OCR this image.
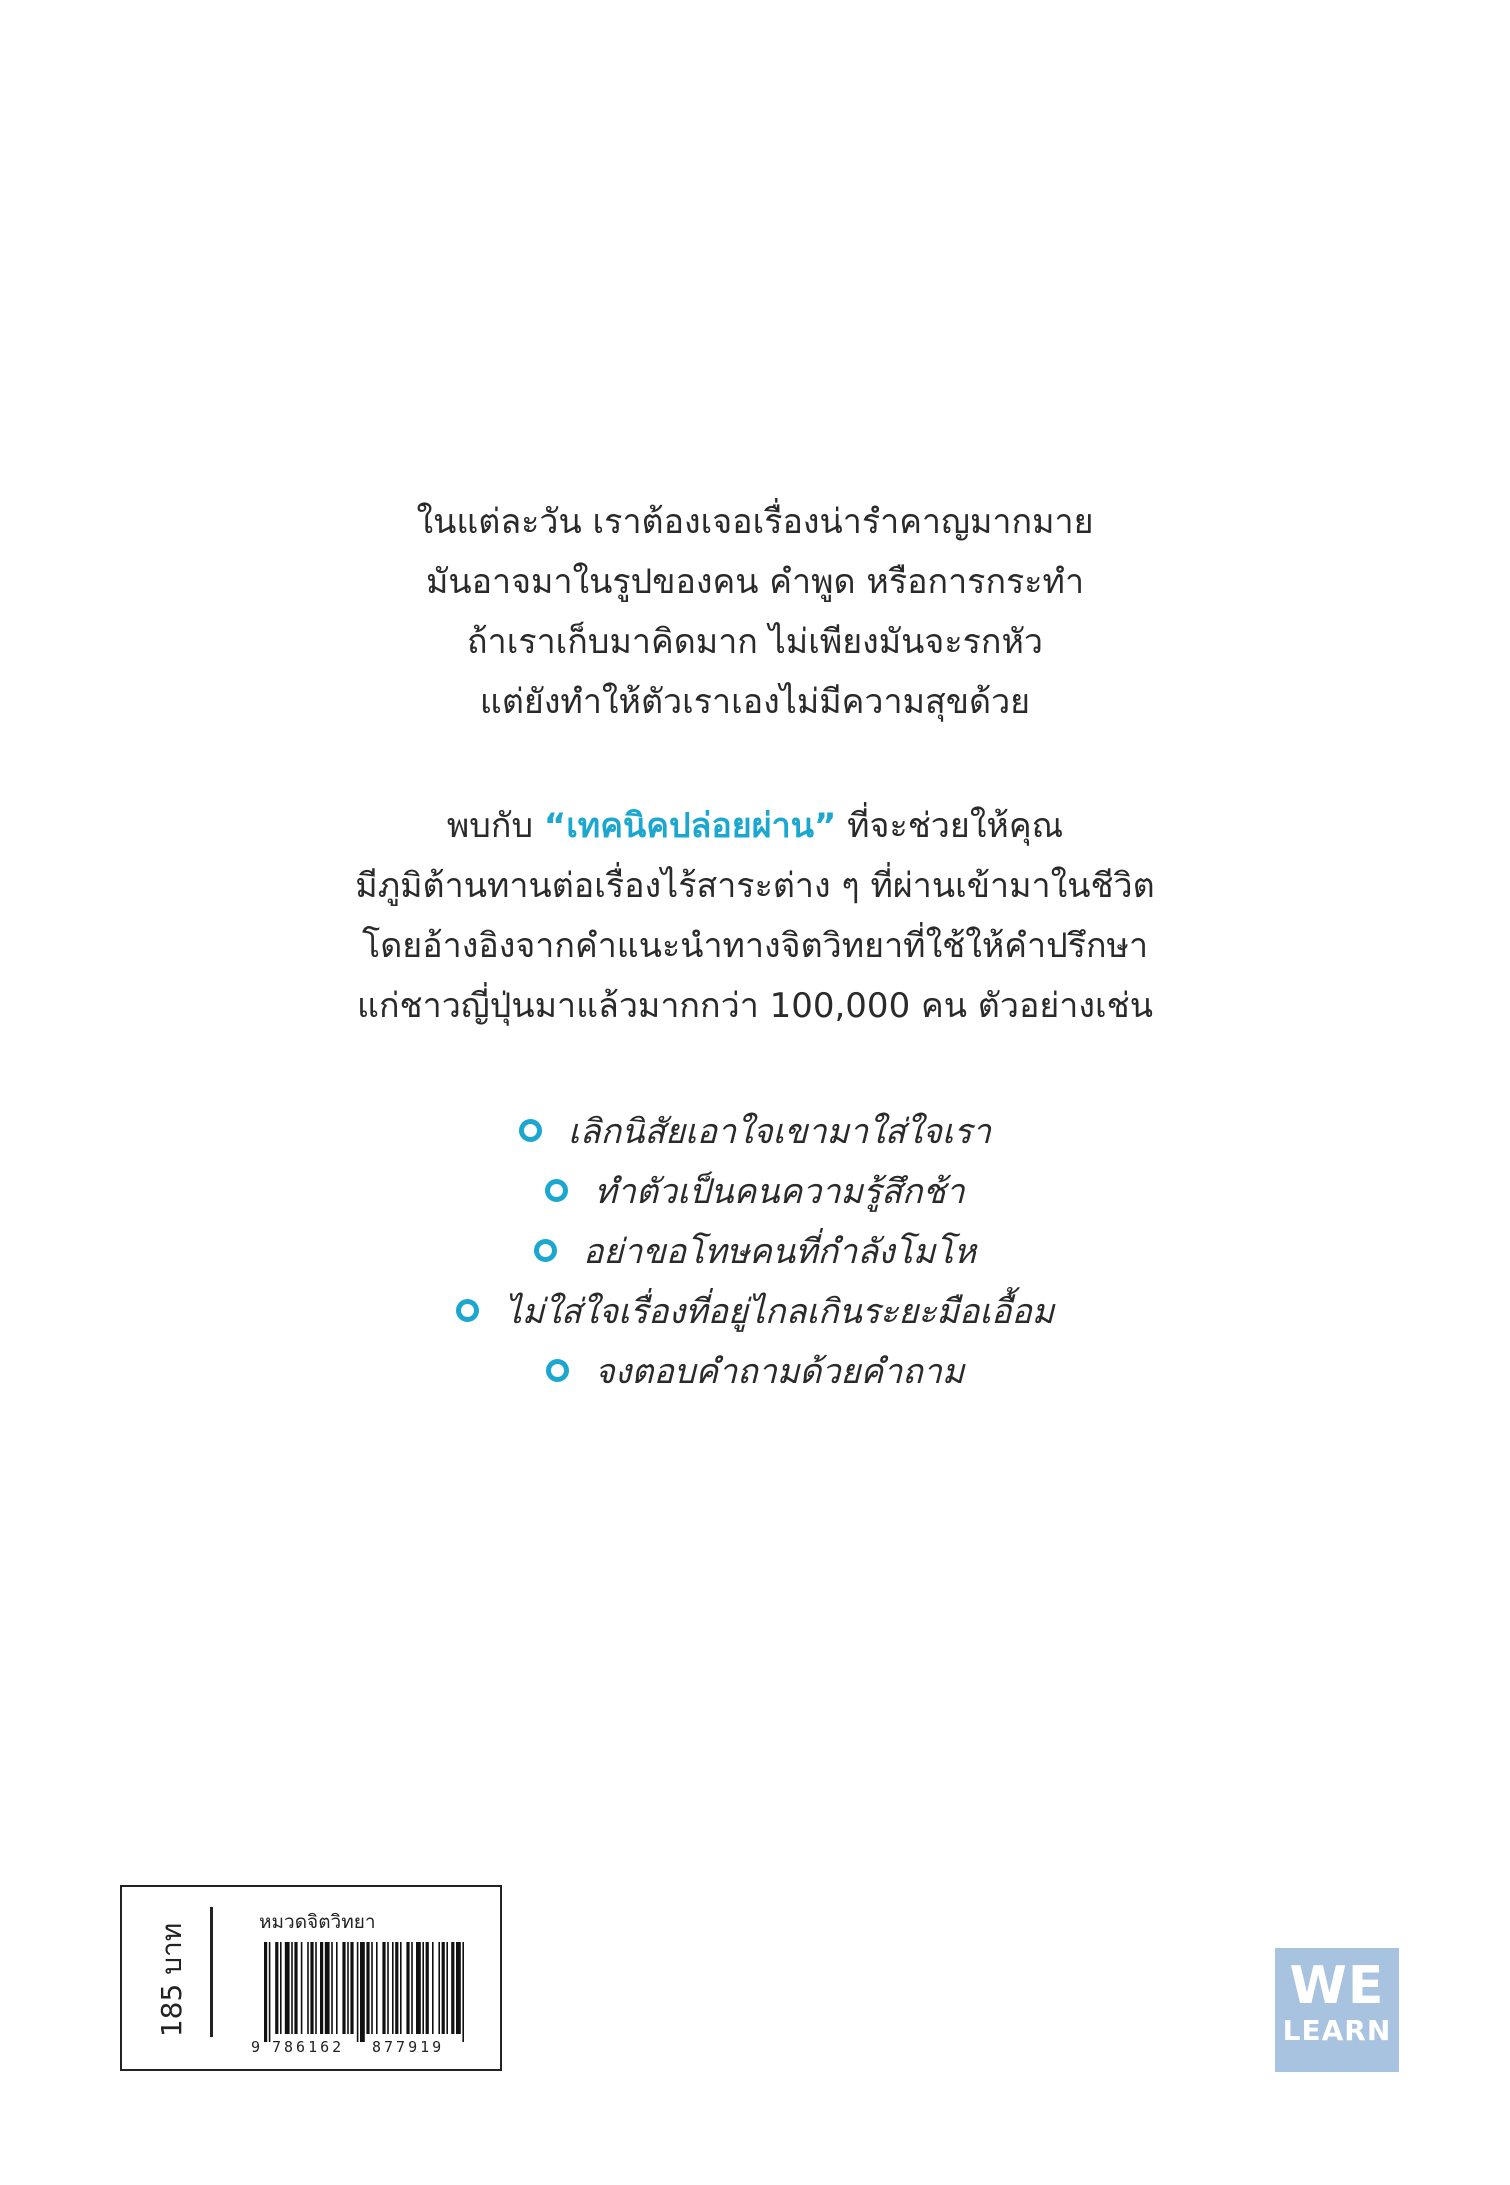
ในแต่ละวัน เราต้องเจอเรื่องน่ารำคาญมากมาย
มันอาจมาในรูปของคน คำพูด หรือการกระทำ
ถ้าเราเก็บมาคิดมาก ไม่เพียงมันจะรกหัว
แต่ยังทำให้ตัวเราเองไม่มีความสุขด้วย
พบกับ “เทคนิคปล่อยผ่าน” ที่จะช่วยให้คุณ
มีภูมิต้านทานต่อเรื่องไร้สาระต่าง ๆ ที่ผ่านเข้ามาในชีวิต
โดยอ้างอิงจากคำแนะนำทางจิตวิทยาที่ใช้ให้คำปรึกษา
แก่ชาวญี่ปุ่นมาแล้วมากกว่า 100,000 คน ตัวอย่างเช่น
เลิกนิสัยเอาใจเขามาใส่ใจเรา
ทำตัวเป็นคนความรู้สึกช้า
อย่าขอโทษคนที่กำลังโมโห
ไม่ใส่ใจเรื่องที่อยู่ไกลเกินระยะมือเอื้อม
จงตอบคำถามด้วยคำถาม
185 บาท
หมวดจิตวิทยา
9 786162 877919
WE
LEARN
